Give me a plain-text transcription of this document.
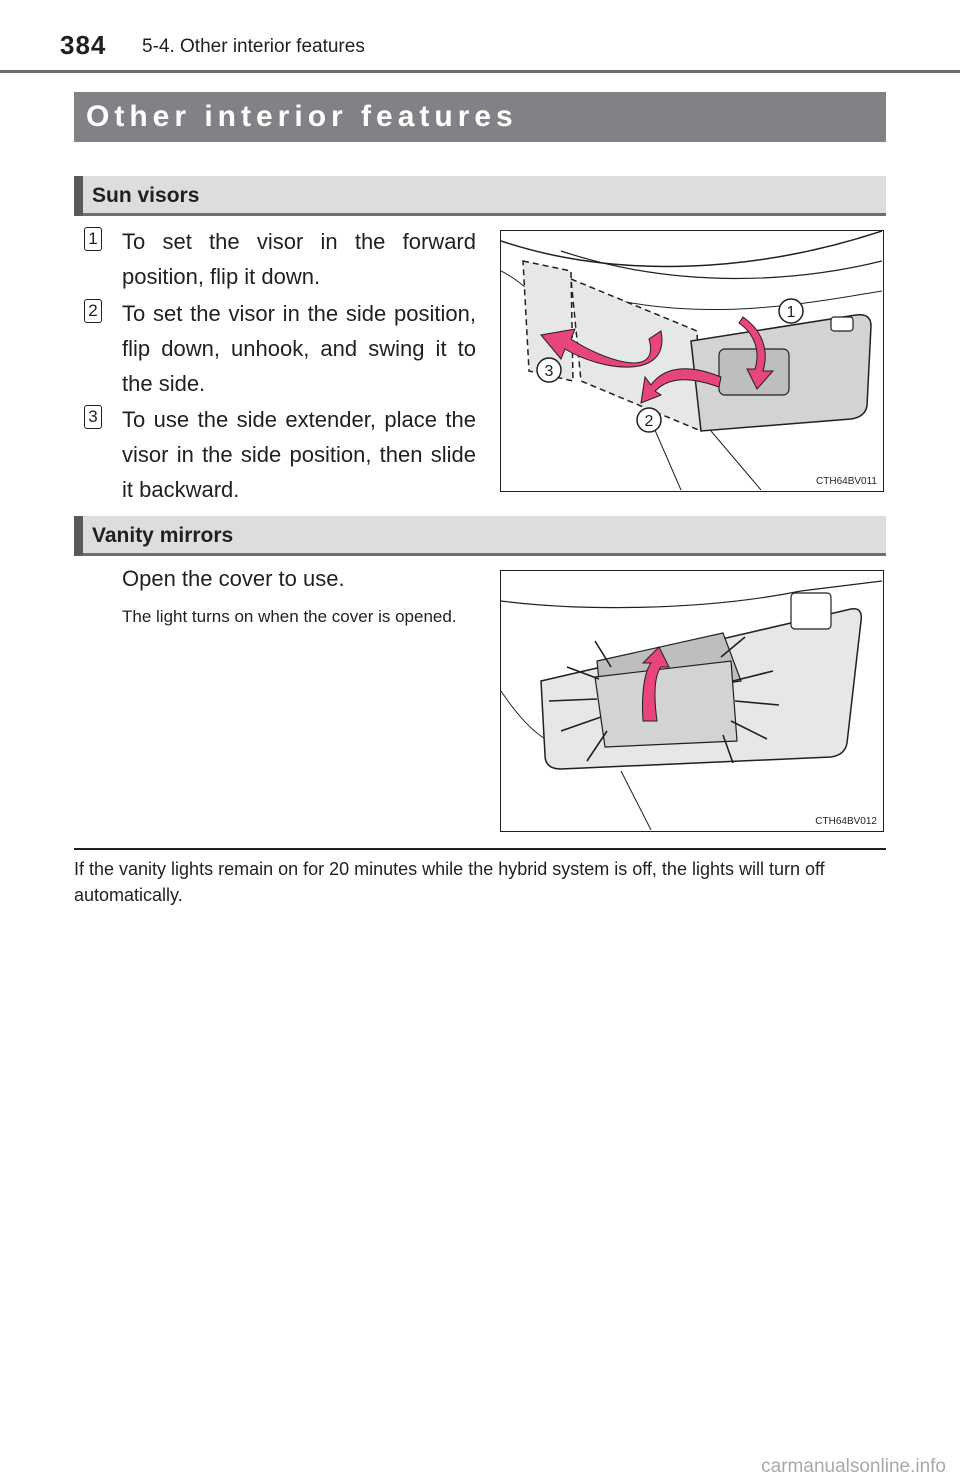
384 5-4. Other interior features
Other interior features
Sun visors
1 To set the visor in the forward position, flip it down.
2 To set the visor in the side position, flip down, unhook, and swing it to the side.
3 To use the side extender, place the visor in the side position, then slide it backward.
1
2
3
CTH64BV011
Vanity mirrors
Open the cover to use.
The light turns on when the cover is opened.
CTH64BV012
If the vanity lights remain on for 20 minutes while the hybrid system is off, the lights will turn off automatically.
carmanualsonline.info
